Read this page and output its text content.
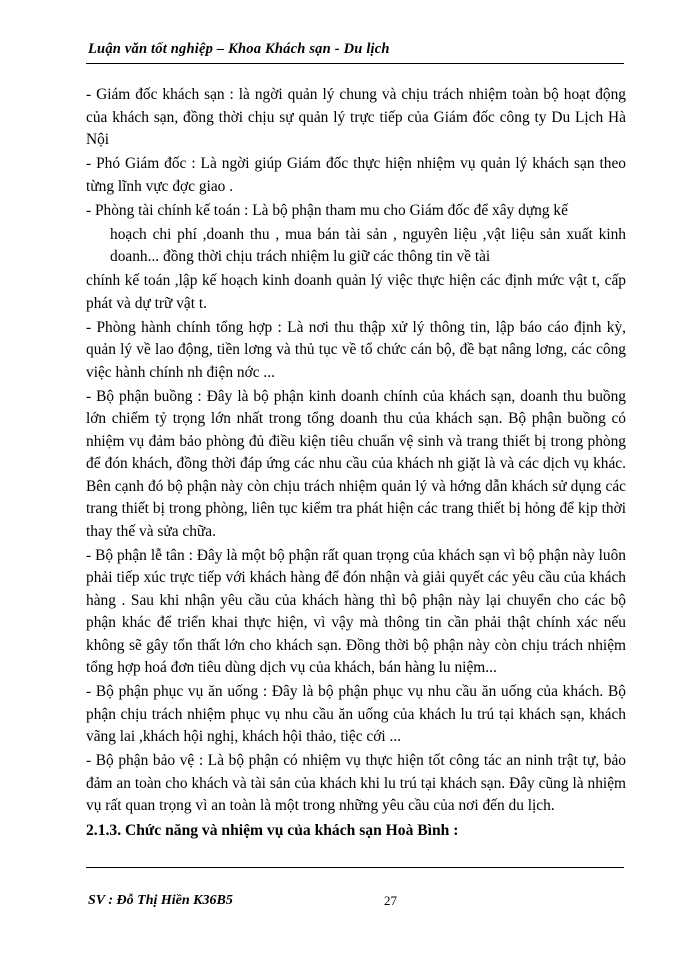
Luận văn tốt nghiệp – Khoa Khách sạn - Du lịch

- Giám đốc khách sạn : là ngời quản lý chung và chịu trách nhiệm toàn bộ hoạt động của khách sạn, đồng thời chịu sự quản lý trực tiếp của Giám đốc công ty Du Lịch Hà Nội

- Phó Giám đốc : Là ngời giúp Giám đốc thực hiện nhiệm vụ quản lý khách sạn theo từng lĩnh vực đợc giao .

- Phòng tài chính kế toán : Là bộ phận tham mu cho Giám đốc để xây dựng kế

hoạch chi phí ,doanh thu , mua bán tài sản , nguyên liệu ,vật liệu sản xuất kinh doanh... đồng thời chịu trách nhiệm lu giữ các thông tin về tài

chính kế toán ,lập kế hoạch kinh doanh quản lý việc thực hiện các định mức vật t, cấp phát và dự trữ vật t.

- Phòng hành chính tổng hợp : Là nơi thu thập xử lý thông tin, lập báo cáo định kỳ, quản lý về lao động, tiền lơng và thủ tục về tổ chức cán bộ, đề bạt nâng lơng, các công việc hành chính nh điện nớc ...

- Bộ phận buồng : Đây là bộ phận kinh doanh chính của khách sạn, doanh thu buồng lớn chiếm tỷ trọng lớn nhất trong tổng doanh thu của khách sạn. Bộ phận buồng có nhiệm vụ đảm bảo phòng đủ điều kiện tiêu chuẩn vệ sinh và trang thiết bị trong phòng để đón khách, đồng thời đáp ứng các nhu cầu của khách nh giặt là và các dịch vụ khác. Bên cạnh đó bộ phận này còn chịu trách nhiệm quản lý và hớng dẫn khách sử dụng các trang thiết bị trong phòng, liên tục kiểm tra phát hiện các trang thiết bị hỏng để kịp thời thay thế và sửa chữa.

- Bộ phận lễ tân : Đây là một bộ phận rất quan trọng của khách sạn vì bộ phận này luôn phải tiếp xúc trực tiếp với khách hàng để đón nhận và giải quyết các yêu cầu của khách hàng . Sau khi nhận yêu cầu của khách hàng thì bộ phận này lại chuyển cho các bộ phận khác để triển khai thực hiện, vì vậy mà thông tin cần phải thật chính xác nếu không sẽ gây tổn thất lớn cho khách sạn. Đồng thời bộ phận này còn chịu trách nhiệm tổng hợp hoá đơn tiêu dùng dịch vụ của khách, bán hàng lu niệm...

- Bộ phận phục vụ ăn uống : Đây là bộ phận phục vụ nhu cầu ăn uống của khách. Bộ phận chịu trách nhiệm phục vụ nhu cầu ăn uống của khách lu trú tại khách sạn, khách vãng lai ,khách hội nghị, khách hội thảo, tiệc cới ...

- Bộ phận bảo vệ : Là bộ phận có nhiệm vụ thực hiện tốt công tác an ninh trật tự, bảo đảm an toàn cho khách và tài sản của khách khi lu trú tại khách sạn. Đây cũng là nhiệm vụ rất quan trọng vì an toàn là một trong những yêu cầu của nơi đến du lịch.

2.1.3. Chức năng và nhiệm vụ của khách sạn Hoà Bình :

SV : Đỗ Thị Hiền K36B5	27
